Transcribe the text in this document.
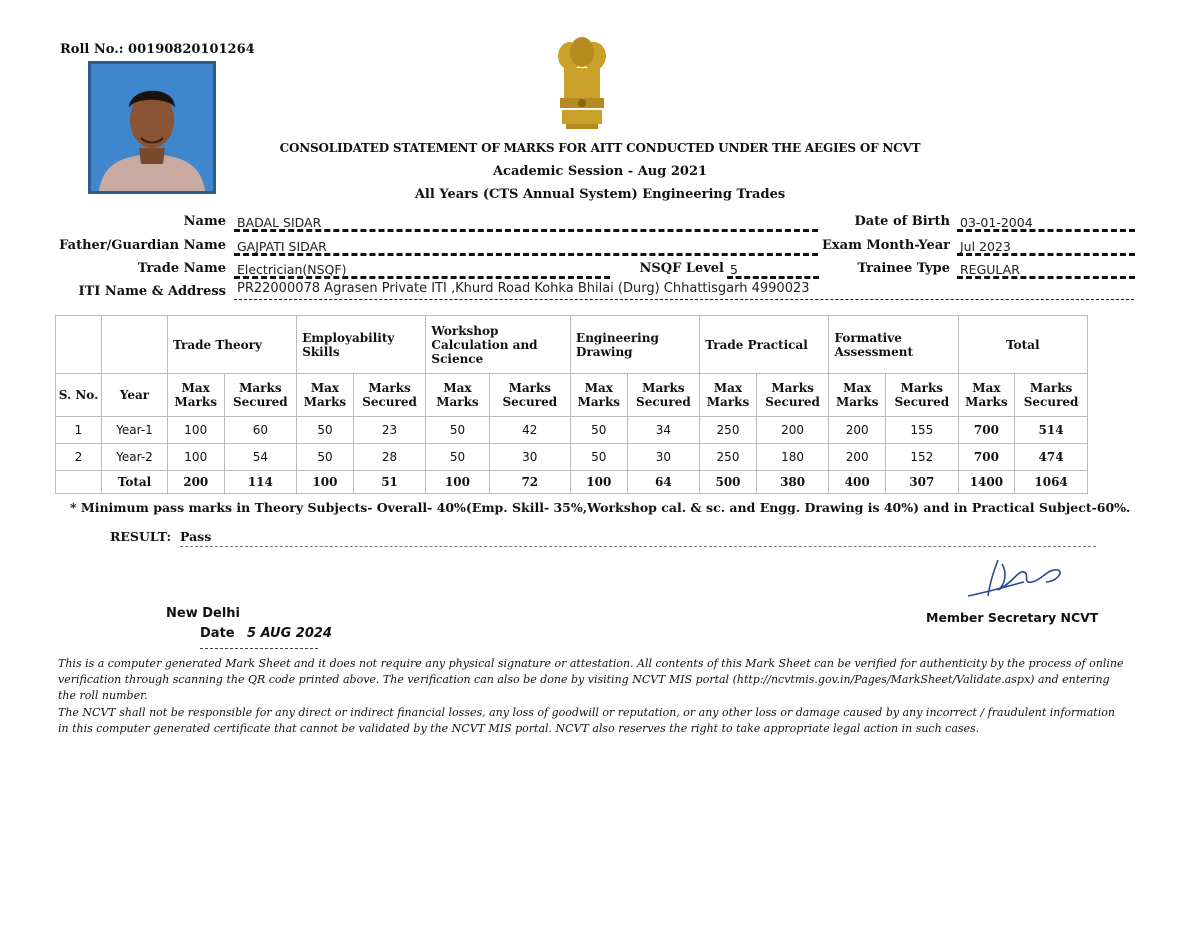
Roll No.: 00190820101264
CONSOLIDATED STATEMENT OF MARKS FOR AITT CONDUCTED UNDER THE AEGIES OF NCVT
Academic Session - Aug 2021
All Years (CTS Annual System) Engineering Trades
Name BADAL SIDAR	Date of Birth 03-01-2004
Father/Guardian Name GAJPATI SIDAR	Exam Month-Year Jul 2023
Trade Name Electrician(NSQF)	NSQF Level 5	Trainee Type REGULAR
ITI Name & Address PR22000078 Agrasen Private ITI ,Khurd Road Kohka Bhilai (Durg) Chhattisgarh 4990023
		Trade Theory		Employability Skills		Workshop Calculation and Science		Engineering Drawing		Trade Practical		Formative Assessment		Total	
S. No.	Year	Max Marks	Marks Secured	Max Marks	Marks Secured	Max Marks	Marks Secured	Max Marks	Marks Secured	Max Marks	Marks Secured	Max Marks	Marks Secured	Max Marks	Marks Secured
1	Year-1	100	60	50	23	50	42	50	34	250	200	200	155	700	514
2	Year-2	100	54	50	28	50	30	50	30	250	180	200	152	700	474
	Total	200	114	100	51	100	72	100	64	500	380	400	307	1400	1064
* Minimum pass marks in Theory Subjects- Overall- 40%(Emp. Skill- 35%,Workshop cal. & sc. and Engg. Drawing is 40%) and in Practical Subject-60%.
RESULT: Pass
Member Secretary NCVT
New Delhi
Date 5 AUG 2024
This is a computer generated Mark Sheet and it does not require any physical signature or attestation. All contents of this Mark Sheet can be verified for authenticity by the process of online verification through scanning the QR code printed above. The verification can also be done by visiting NCVT MIS portal (http://ncvtmis.gov.in/Pages/MarkSheet/Validate.aspx) and entering the roll number.
The NCVT shall not be responsible for any direct or indirect financial losses, any loss of goodwill or reputation, or any other loss or damage caused by any incorrect / fraudulent information in this computer generated certificate that cannot be validated by the NCVT MIS portal. NCVT also reserves the right to take appropriate legal action in such cases.
